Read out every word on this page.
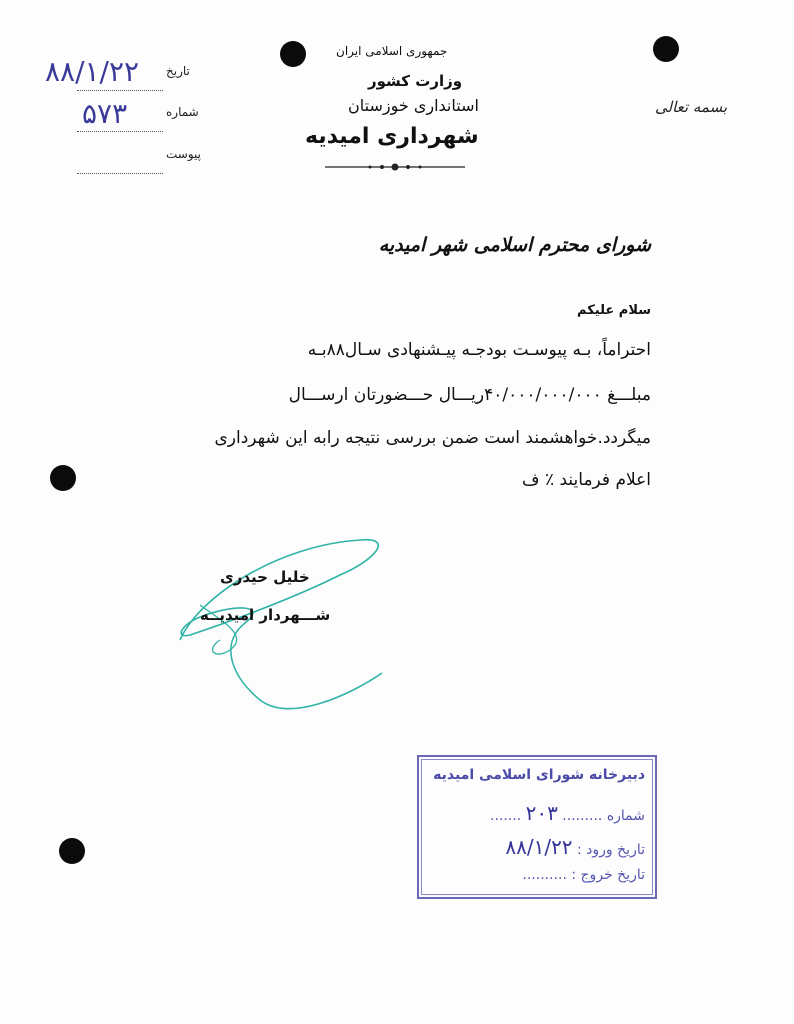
جمهوری اسلامی ایران
وزارت کشور
استانداری خوزستان
شهرداری امیدیه
بسمه تعالی
تاریخ
۸۸/۱/۲۲
شماره
۵۷۳
پیوست
شورای محترم اسلامی شهر امیدیه
سلام علیکم
احتراماً، بـه پیوسـت بودجـه پیـشنهادی سـال۸۸بـه
مبلـــغ ۴۰/۰۰۰/۰۰۰/۰۰۰ریـــال حـــضورتان ارســـال
میگردد.خواهشمند است ضمن بررسی نتیجه رابه این شهرداری
اعلام فرمایند ٪ ف
خلیل حیدری
شـــهردار امیدیــه
دبیرخانه شورای اسلامی امیدیه
شماره ......... ۲۰۳ .......
تاریخ ورود : ۸۸/۱/۲۲
تاریخ خروج : ..........
